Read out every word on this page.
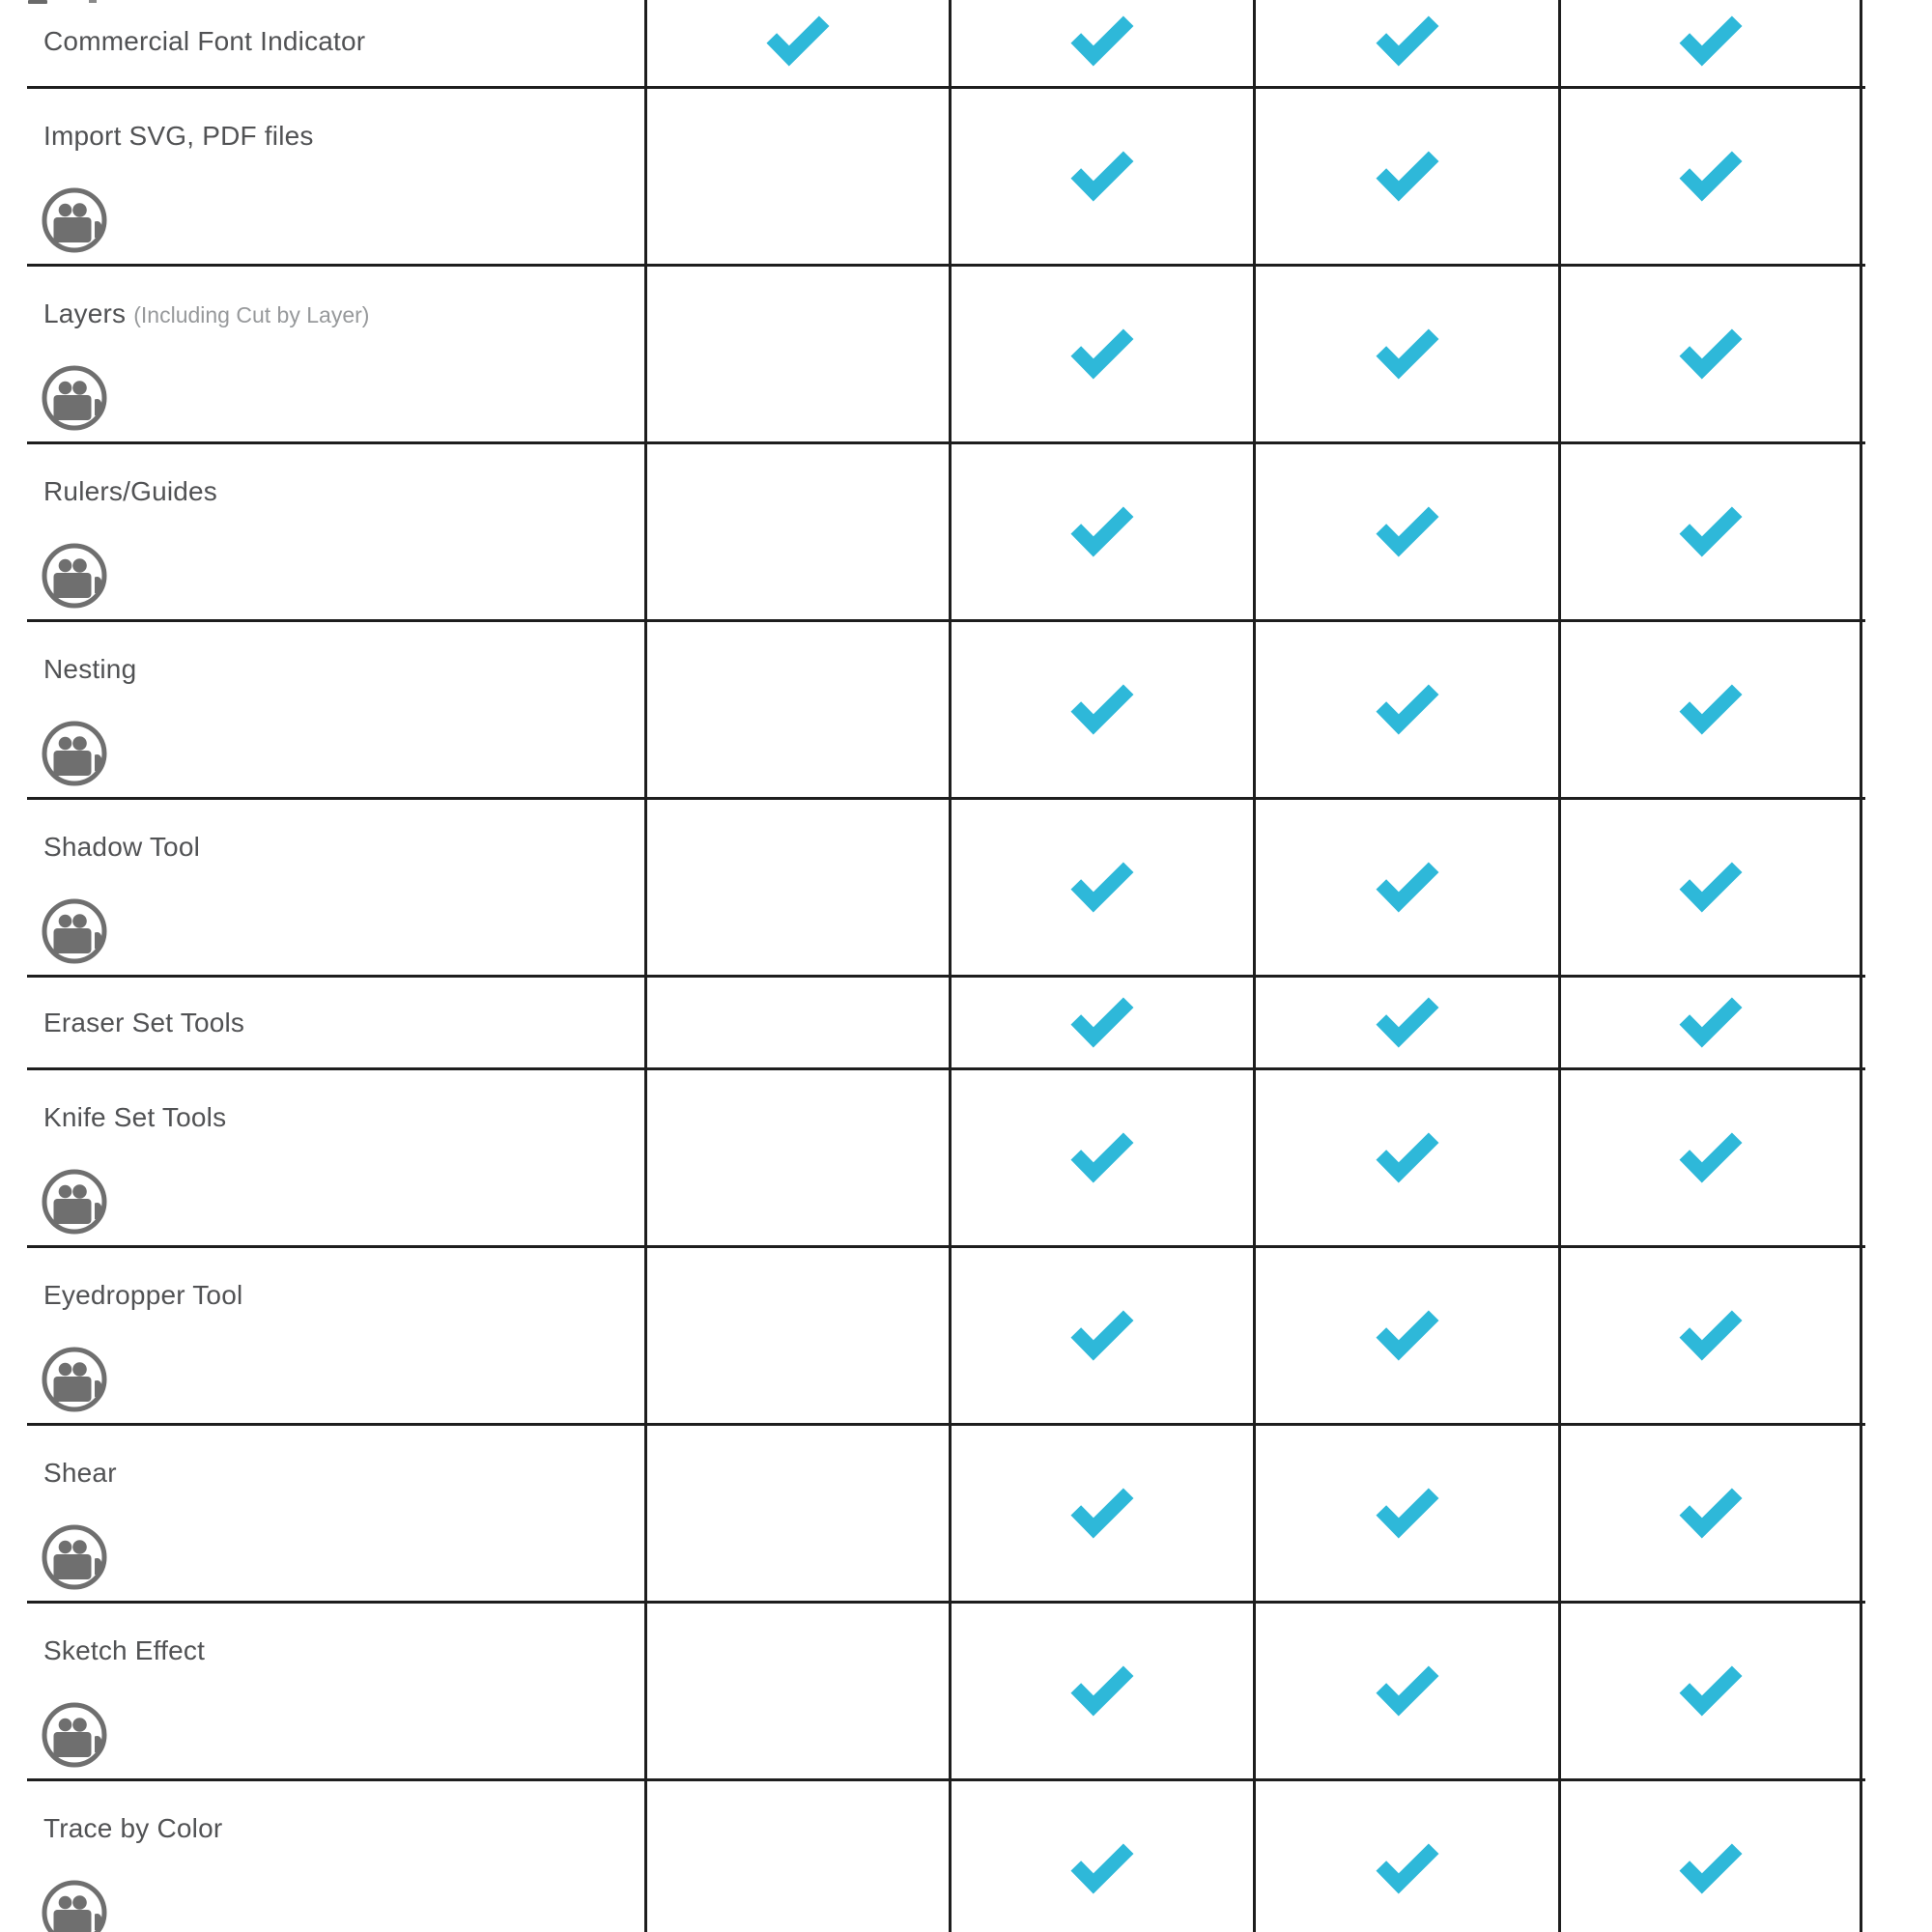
Commercial Font Indicator
Import SVG, PDF files
Layers (Including Cut by Layer)
Rulers/Guides
Nesting
Shadow Tool
Eraser Set Tools
Knife Set Tools
Eyedropper Tool
Shear
Sketch Effect
Trace by Color
